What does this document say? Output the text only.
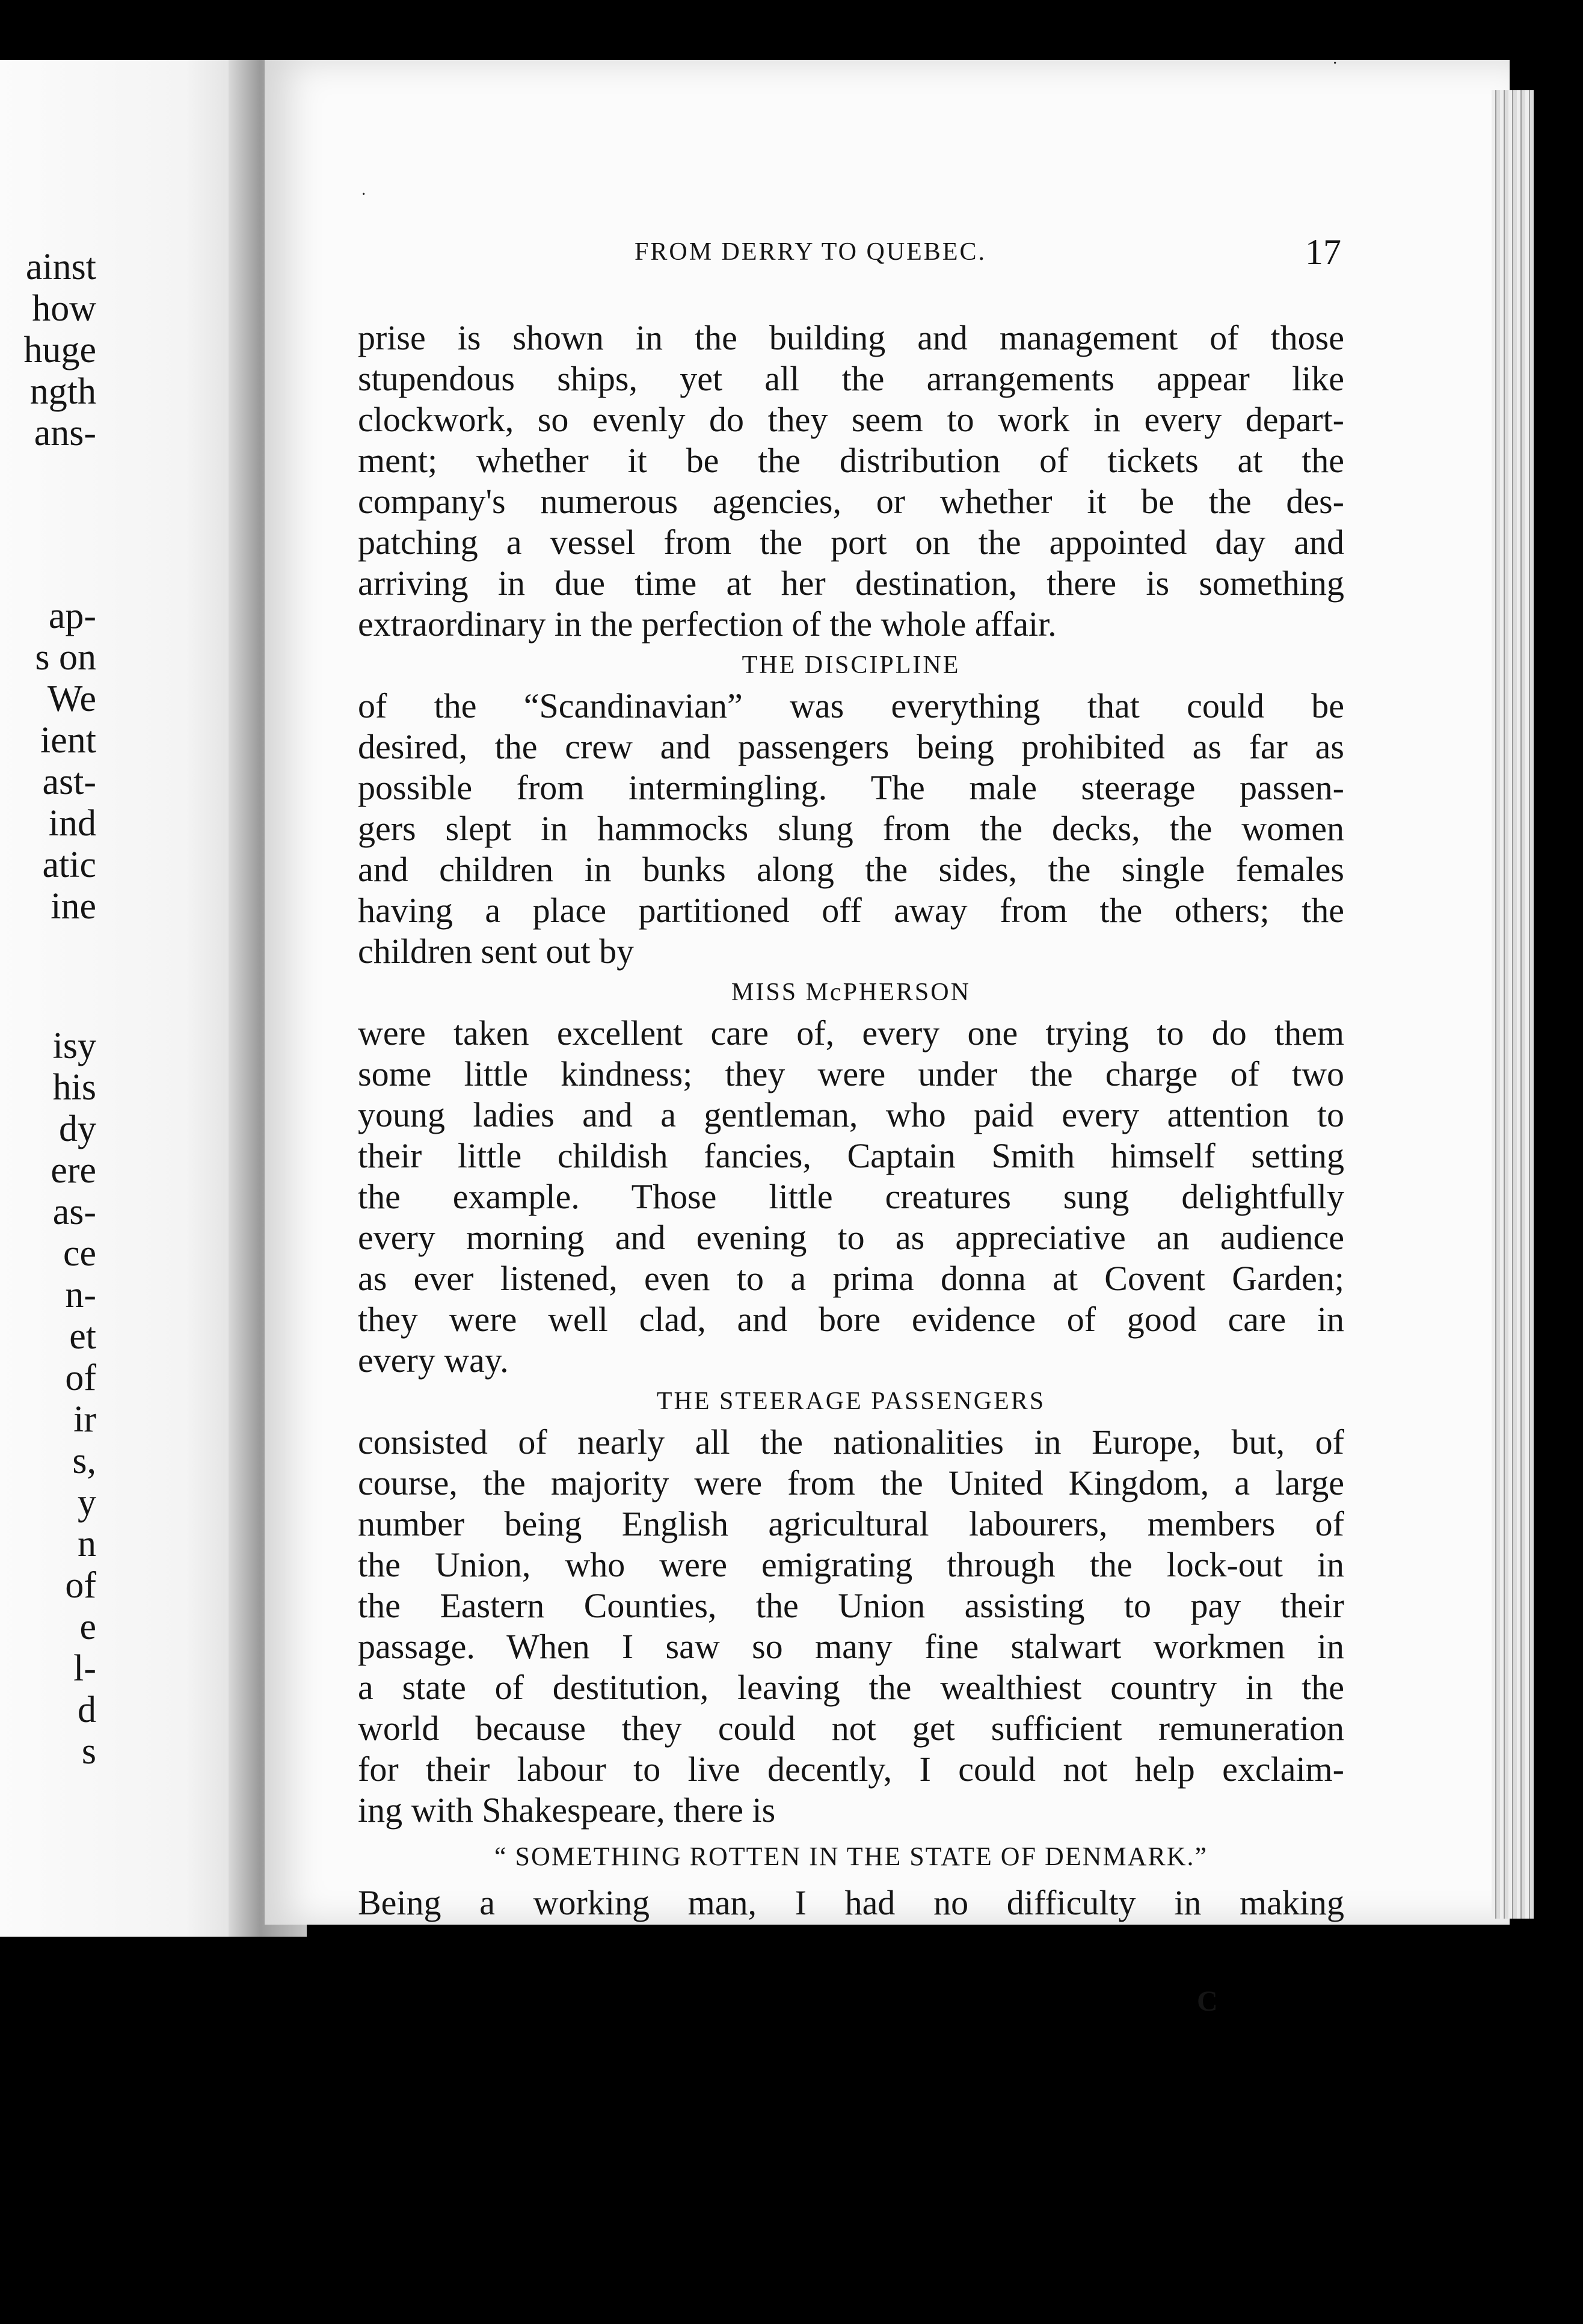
ainst
how
huge
ngth
ans-
ap-
s on
We
ient
ast-
ind
atic
ine
isy
his
dy
ere
as-
ce
n-
et
of
ir
s,
y
n
of
e
l-
d
s
FROM DERRY TO QUEBEC.	17
prise is shown in the building and management of those
stupendous ships, yet all the arrangements appear like
clockwork, so evenly do they seem to work in every depart-
ment; whether it be the distribution of tickets at the
company's numerous agencies, or whether it be the des-
patching a vessel from the port on the appointed day and
arriving in due time at her destination, there is something
extraordinary in the perfection of the whole affair.
THE DISCIPLINE
of the “Scandinavian” was everything that could be
desired, the crew and passengers being prohibited as far as
possible from intermingling. The male steerage passen-
gers slept in hammocks slung from the decks, the women
and children in bunks along the sides, the single females
having a place partitioned off away from the others; the
children sent out by
MISS McPHERSON
were taken excellent care of, every one trying to do them
some little kindness; they were under the charge of two
young ladies and a gentleman, who paid every attention to
their little childish fancies, Captain Smith himself setting
the example. Those little creatures sung delightfully
every morning and evening to as appreciative an audience
as ever listened, even to a prima donna at Covent Garden;
they were well clad, and bore evidence of good care in
every way.
THE STEERAGE PASSENGERS
consisted of nearly all the nationalities in Europe, but, of
course, the majority were from the United Kingdom, a large
number being English agricultural labourers, members of
the Union, who were emigrating through the lock-out in
the Eastern Counties, the Union assisting to pay their
passage. When I saw so many fine stalwart workmen in
a state of destitution, leaving the wealthiest country in the
world because they could not get sufficient remuneration
for their labour to live decently, I could not help exclaim-
ing with Shakespeare, there is
“ SOMETHING ROTTEN IN THE STATE OF DENMARK.”
Being a working man, I had no difficulty in making
C
·
·
